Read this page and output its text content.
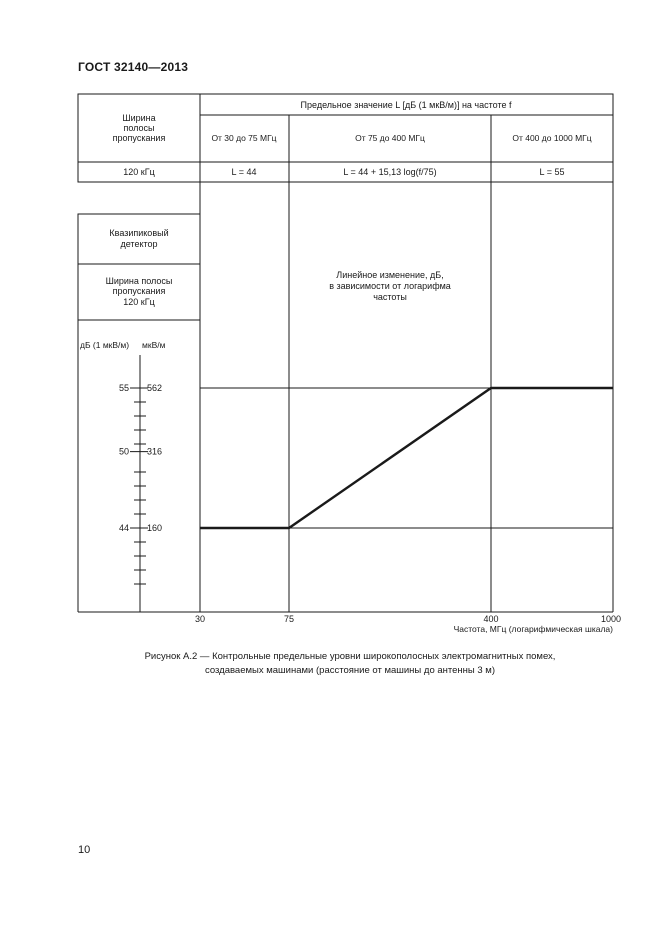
ГОСТ 32140—2013
Ширина
полосы
пропускания
Предельное значение L [дБ (1 мкВ/м)] на частоте f
От 30 до 75 МГц	От 75 до 400 МГц	От 400 до 1000 МГц
120 кГц	L = 44	L = 44 + 15,13 log(f/75)	L = 55
Квазипиковый
детектор
Ширина полосы
пропускания
120 кГц
дБ (1 мкВ/м) мкВ/м
Линейное изменение, дБ,
в зависимости от логарифма
частоты
Частота, МГц (логарифмическая шкала)
30	75	400	1000
55 562
50 316
44 160
Рисунок А.2 — Контрольные предельные уровни широкополосных электромагнитных помех,
создаваемых машинами (расстояние от машины до антенны 3 м)
10
